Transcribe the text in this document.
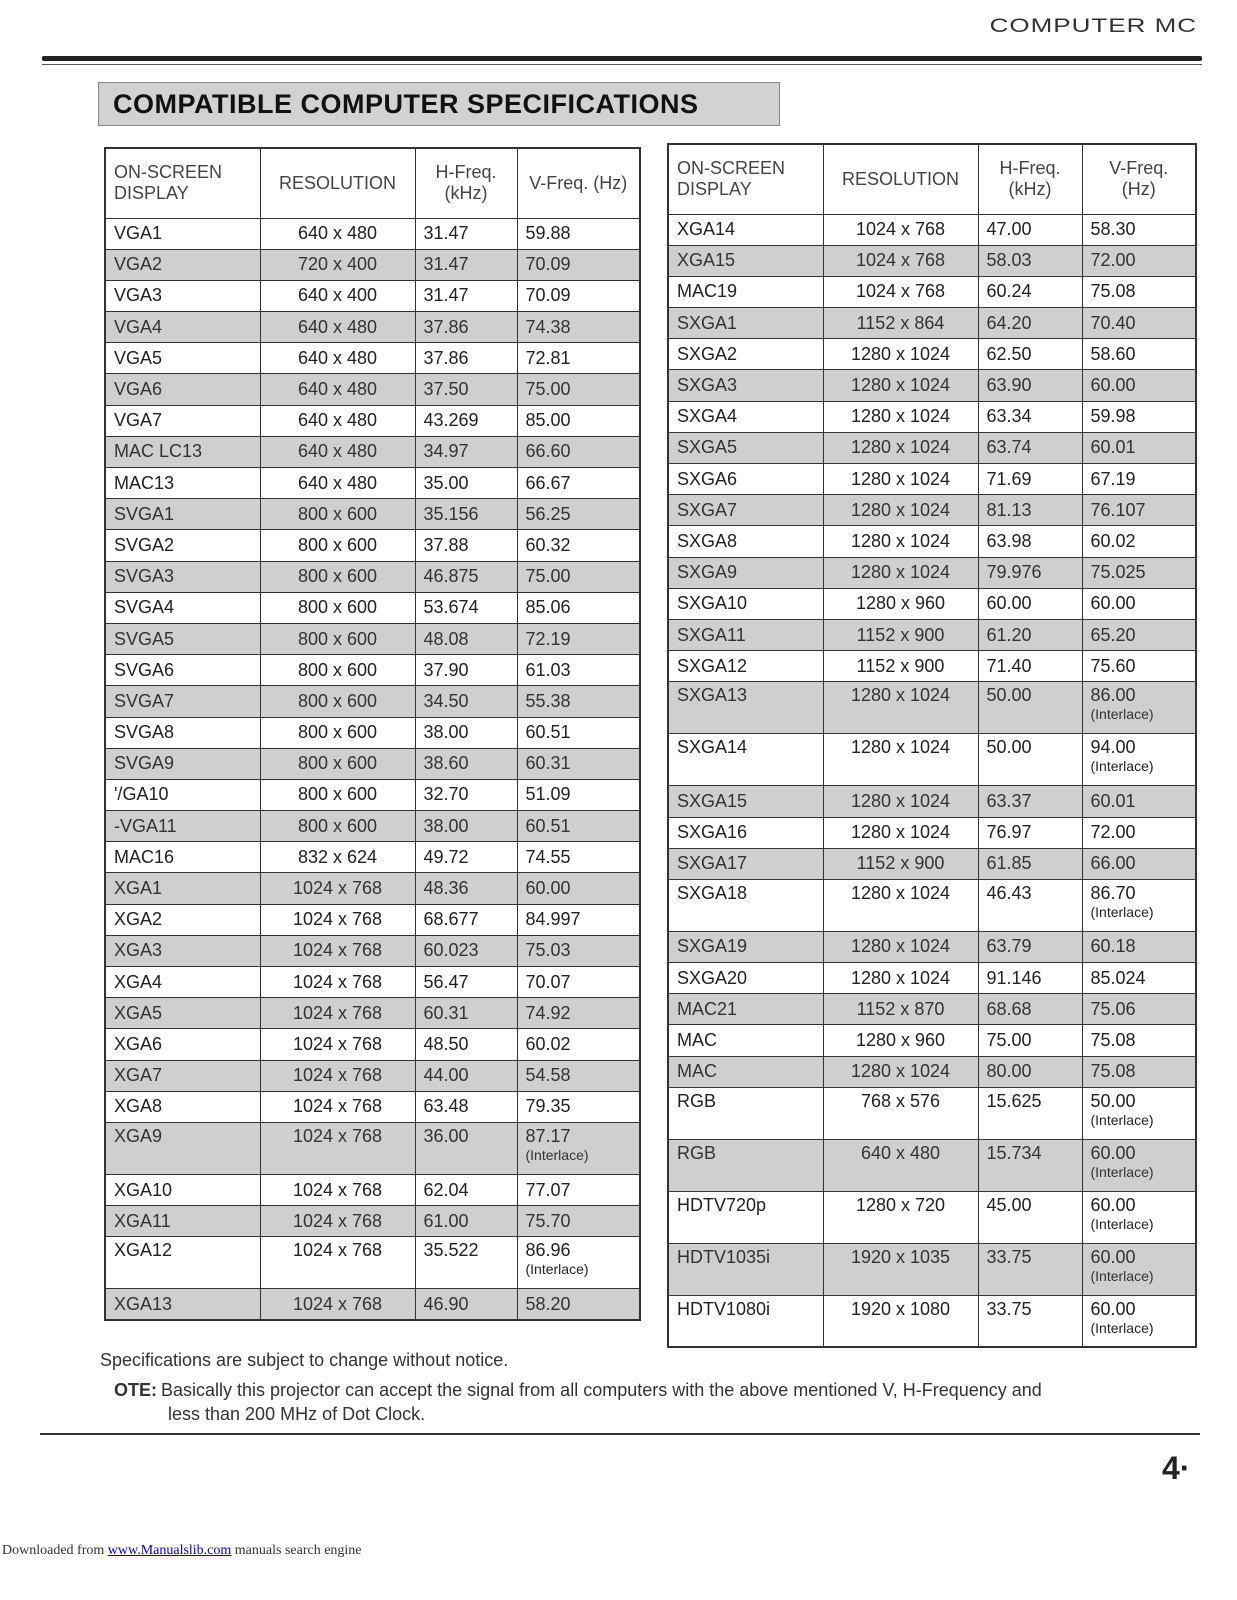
COMPUTER MC
COMPATIBLE COMPUTER SPECIFICATIONS
ON-SCREEN DISPLAY	RESOLUTION	H-Freq. (kHz)	V-Freq. (Hz)
VGA1	640 x 480	31.47	59.88
VGA2	720 x 400	31.47	70.09
VGA3	640 x 400	31.47	70.09
VGA4	640 x 480	37.86	74.38
VGA5	640 x 480	37.86	72.81
VGA6	640 x 480	37.50	75.00
VGA7	640 x 480	43.269	85.00
MAC LC13	640 x 480	34.97	66.60
MAC13	640 x 480	35.00	66.67
SVGA1	800 x 600	35.156	56.25
SVGA2	800 x 600	37.88	60.32
SVGA3	800 x 600	46.875	75.00
SVGA4	800 x 600	53.674	85.06
SVGA5	800 x 600	48.08	72.19
SVGA6	800 x 600	37.90	61.03
SVGA7	800 x 600	34.50	55.38
SVGA8	800 x 600	38.00	60.51
SVGA9	800 x 600	38.60	60.31
'/GA10	800 x 600	32.70	51.09
-VGA11	800 x 600	38.00	60.51
MAC16	832 x 624	49.72	74.55
XGA1	1024 x 768	48.36	60.00
XGA2	1024 x 768	68.677	84.997
XGA3	1024 x 768	60.023	75.03
XGA4	1024 x 768	56.47	70.07
XGA5	1024 x 768	60.31	74.92
XGA6	1024 x 768	48.50	60.02
XGA7	1024 x 768	44.00	54.58
XGA8	1024 x 768	63.48	79.35
XGA9	1024 x 768	36.00	87.17
(Interlace)

XGA10	1024 x 768	62.04	77.07
XGA11	1024 x 768	61.00	75.70
XGA12	1024 x 768	35.522	86.96
(Interlace)

XGA13	1024 x 768	46.90	58.20
ON-SCREEN DISPLAY	RESOLUTION	H-Freq. (kHz)	V-Freq. (Hz)
XGA14	1024 x 768	47.00	58.30
XGA15	1024 x 768	58.03	72.00
MAC19	1024 x 768	60.24	75.08
SXGA1	1152 x 864	64.20	70.40
SXGA2	1280 x 1024	62.50	58.60
SXGA3	1280 x 1024	63.90	60.00
SXGA4	1280 x 1024	63.34	59.98
SXGA5	1280 x 1024	63.74	60.01
SXGA6	1280 x 1024	71.69	67.19
SXGA7	1280 x 1024	81.13	76.107
SXGA8	1280 x 1024	63.98	60.02
SXGA9	1280 x 1024	79.976	75.025
SXGA10	1280 x 960	60.00	60.00
SXGA11	1152 x 900	61.20	65.20
SXGA12	1152 x 900	71.40	75.60
SXGA13	1280 x 1024	50.00	86.00
(Interlace)

SXGA14	1280 x 1024	50.00	94.00
(Interlace)

SXGA15	1280 x 1024	63.37	60.01
SXGA16	1280 x 1024	76.97	72.00
SXGA17	1152 x 900	61.85	66.00
SXGA18	1280 x 1024	46.43	86.70
(Interlace)

SXGA19	1280 x 1024	63.79	60.18
SXGA20	1280 x 1024	91.146	85.024
MAC21	1152 x 870	68.68	75.06
MAC	1280 x 960	75.00	75.08
MAC	1280 x 1024	80.00	75.08
RGB	768 x 576	15.625	50.00
(Interlace)

RGB	640 x 480	15.734	60.00
(Interlace)

HDTV720p	1280 x 720	45.00	60.00
(Interlace)

HDTV1035i	1920 x 1035	33.75	60.00
(Interlace)

HDTV1080i	1920 x 1080	33.75	60.00
(Interlace)
Specifications are subject to change without notice.
OTE: Basically this projector can accept the signal from all computers with the above mentioned V, H-Frequency and
less than 200 MHz of Dot Clock.
4·
Downloaded from www.Manualslib.com manuals search engine
